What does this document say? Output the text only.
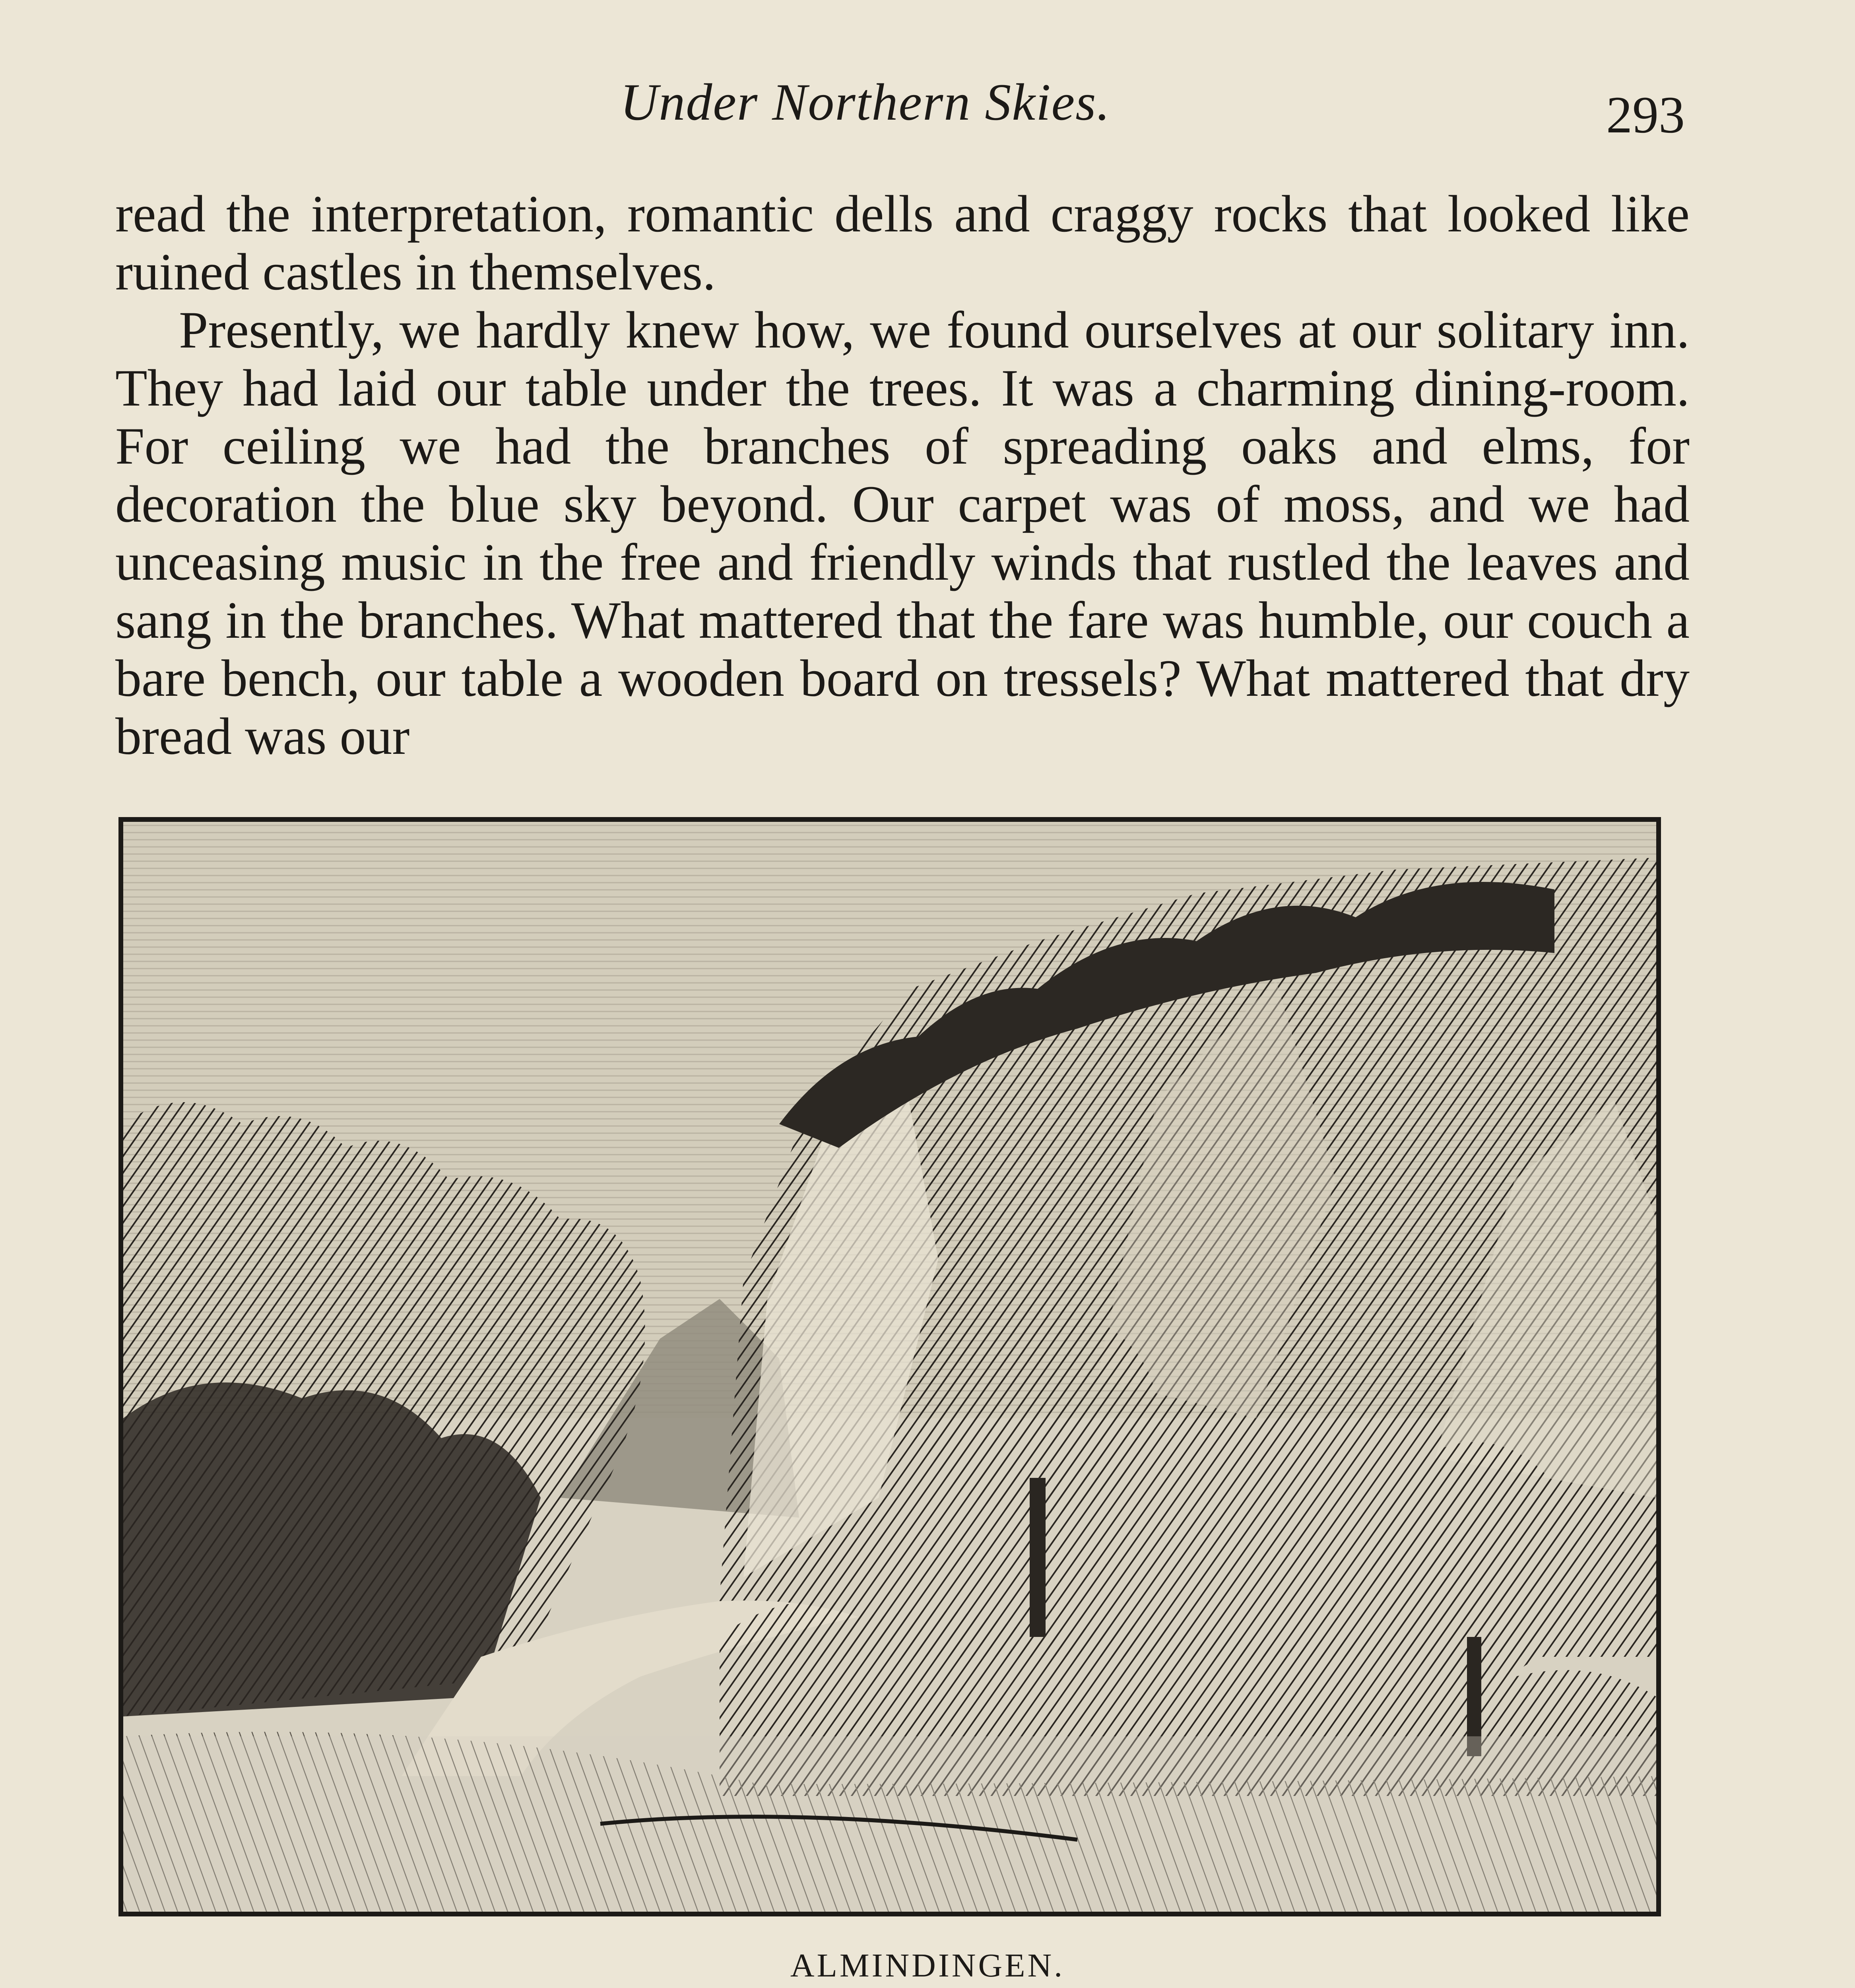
Under Northern Skies.	293

read the interpretation, romantic dells and craggy rocks that looked like ruined castles in themselves.

Presently, we hardly knew how, we found ourselves at our solitary inn. They had laid our table under the trees. It was a charming dining-room. For ceiling we had the branches of spreading oaks and elms, for decoration the blue sky beyond. Our carpet was of moss, and we had unceasing music in the free and friendly winds that rustled the leaves and sang in the branches. What mattered that the fare was humble, our couch a bare bench, our table a wooden board on tressels? What mattered that dry bread was our

ALMINDINGEN.
